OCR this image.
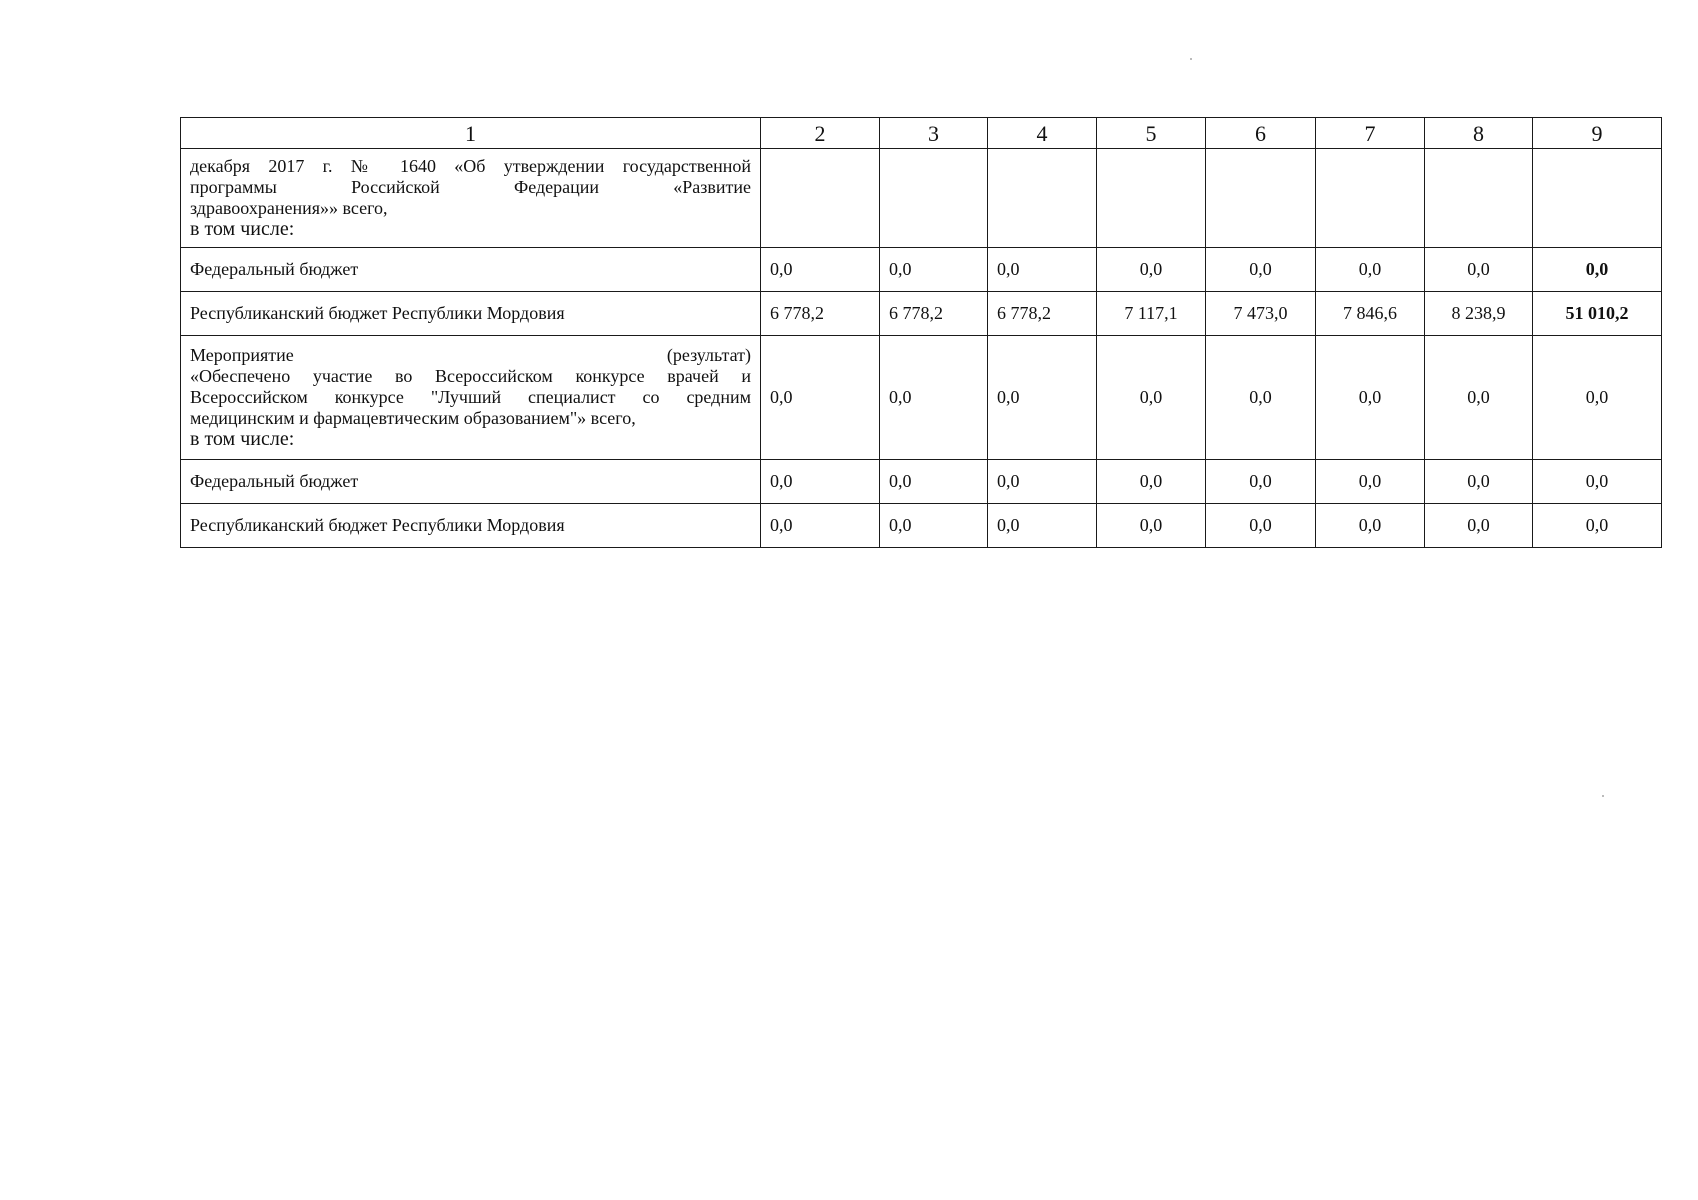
1	2	3	4	5	6	7	8	9

декабря 2017 г. № 1640 «Об утверждении государственной
программы Российской Федерации «Развитие
здравоохранения»» всего,
в том числе:								

Федеральный бюджет	0,0	0,0	0,0	0,0	0,0	0,0	0,0	0,0
Республиканский бюджет Республики Мордовия	6 778,2	6 778,2	6 778,2	7 117,1	7 473,0	7 846,6	8 238,9	51 010,2

Мероприятие (результат)
«Обеспечено участие во Всероссийском конкурсе врачей и
Всероссийском конкурсе "Лучший специалист со средним
медицинским и фармацевтическим образованием"» всего,
в том числе:	0,0	0,0	0,0	0,0	0,0	0,0	0,0	0,0
Федеральный бюджет	0,0	0,0	0,0	0,0	0,0	0,0	0,0	0,0
Республиканский бюджет Республики Мордовия	0,0	0,0	0,0	0,0	0,0	0,0	0,0	0,0
